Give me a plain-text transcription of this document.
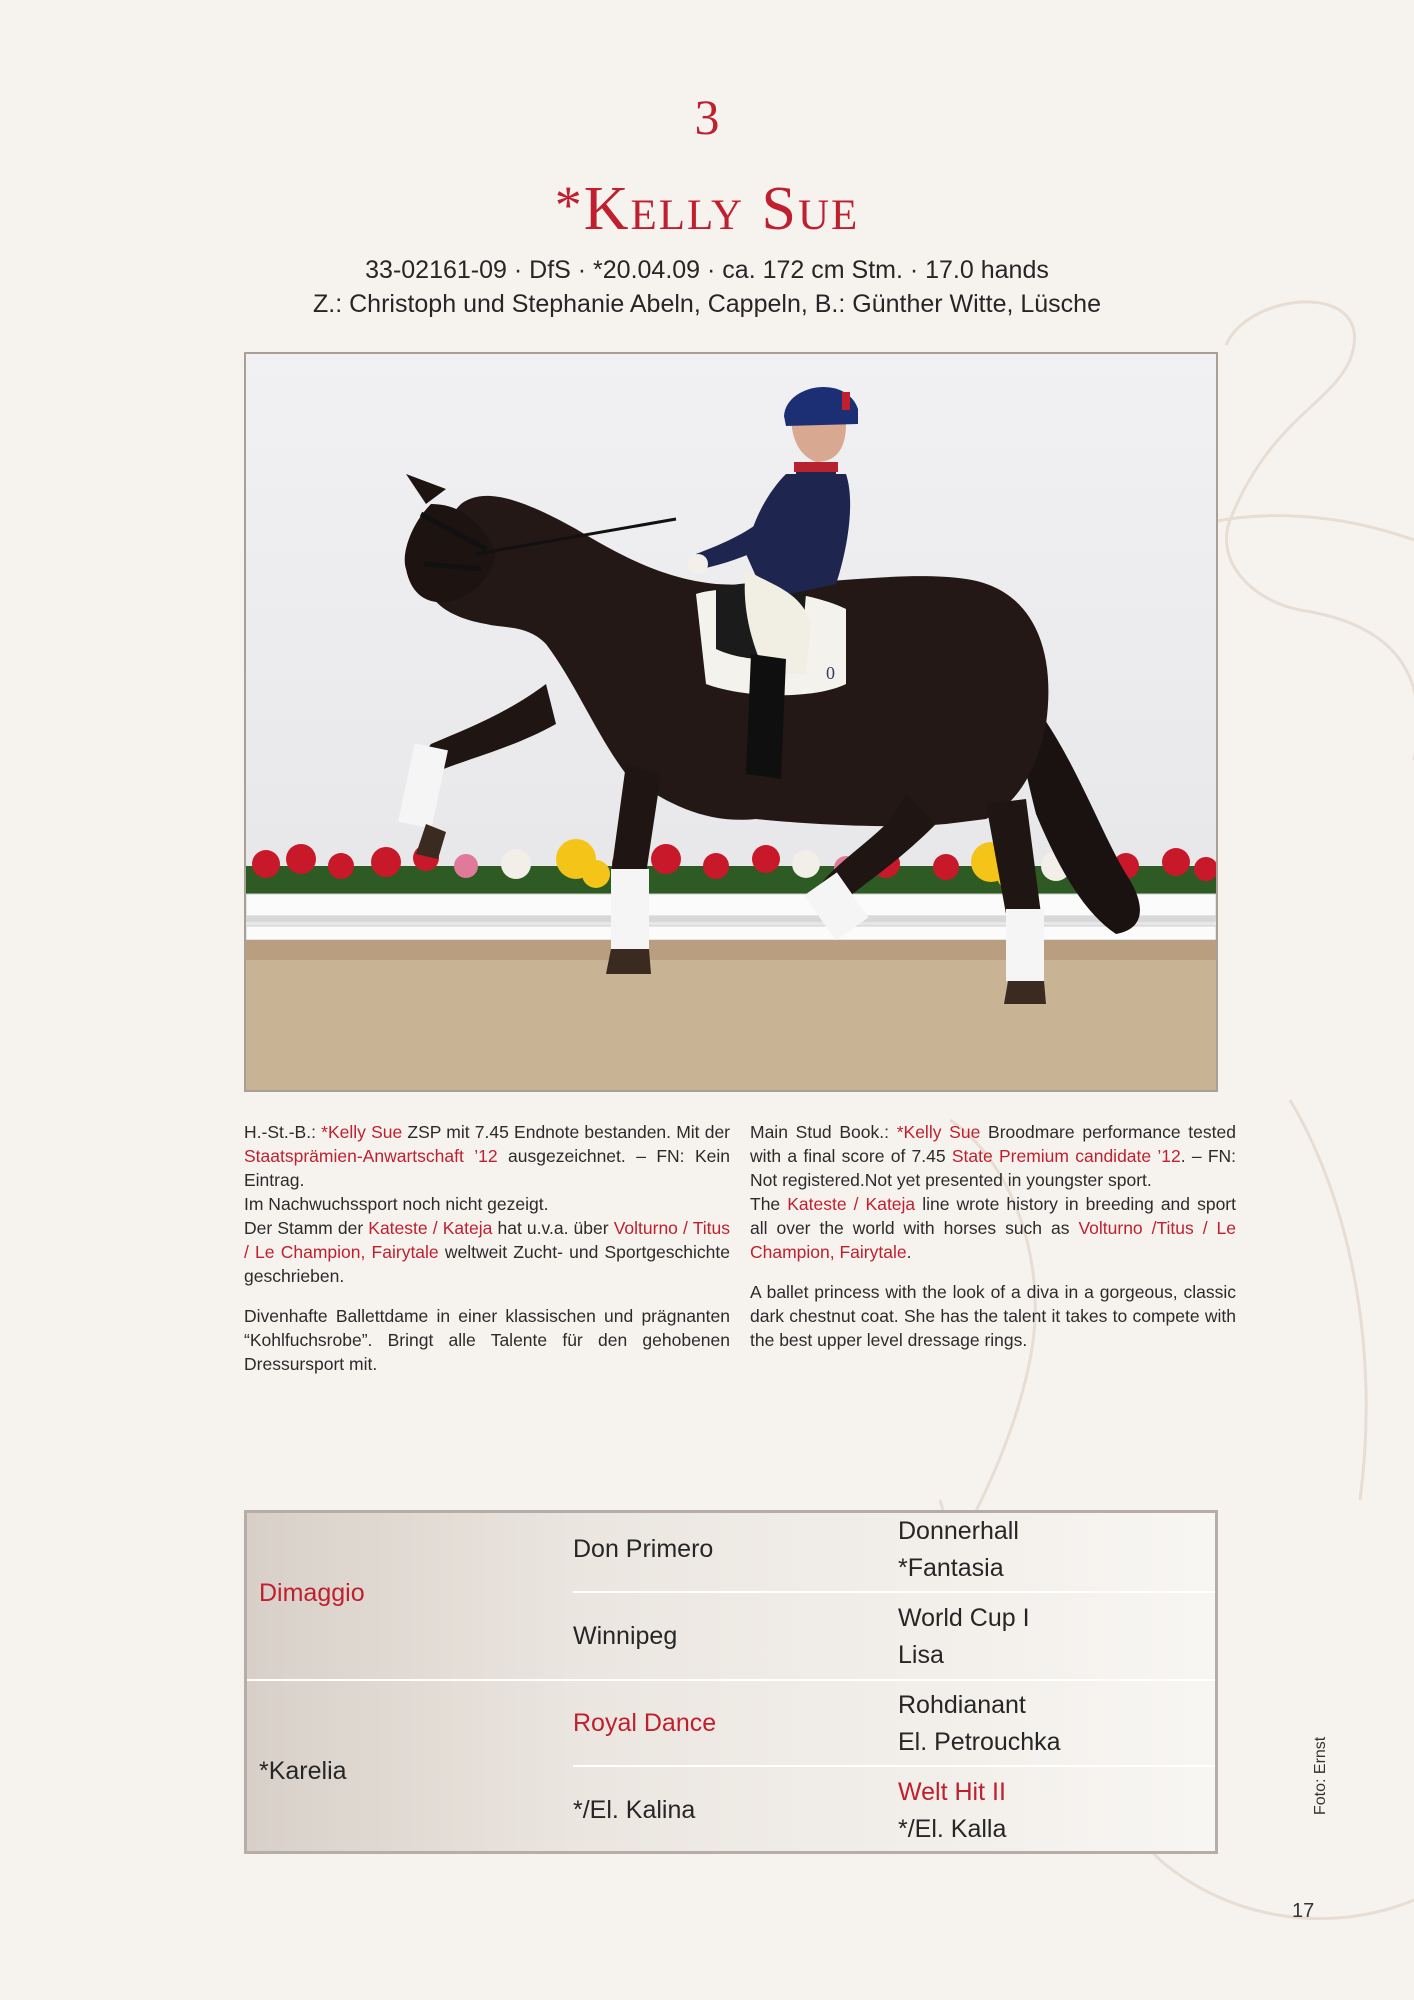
3
*Kelly Sue
33-02161-09 · DfS · *20.04.09 · ca. 172 cm Stm. · 17.0 hands
Z.: Christoph und Stephanie Abeln, Cappeln, B.: Günther Witte, Lüsche
0

H.-St.-B.: *Kelly Sue ZSP mit 7.45 Endnote bestanden. Mit der Staatsprämien-Anwartschaft ’12 ausgezeichnet. – FN: Kein Eintrag.

Im Nachwuchssport noch nicht gezeigt.

Der Stamm der Kateste / Kateja hat u.v.a. über Volturno / Titus / Le Champion, Fairytale weltweit Zucht- und Sportgeschichte geschrieben.

Divenhafte Ballettdame in einer klassischen und prägnanten “Kohlfuchsrobe”. Bringt alle Talente für den gehobenen Dressursport mit.

Main Stud Book.: *Kelly Sue Broodmare performance tested with a final score of 7.45 State Premium candidate ’12. – FN: Not registered.Not yet presented in youngster sport.

The Kateste / Kateja line wrote history in breeding and sport all over the world with horses such as Volturno /Titus / Le Champion, Fairytale.

A ballet princess with the look of a diva in a gorgeous, classic dark chestnut coat. She has the talent it takes to compete with the best upper level dressage rings.

Dimaggio
*Karelia
Don Primero
Winnipeg
Royal Dance
*/El. Kalina
Donnerhall
*Fantasia
World Cup I
Lisa
Rohdianant
El. Petrouchka
Welt Hit II
*/El. Kalla
Foto: Ernst
17
